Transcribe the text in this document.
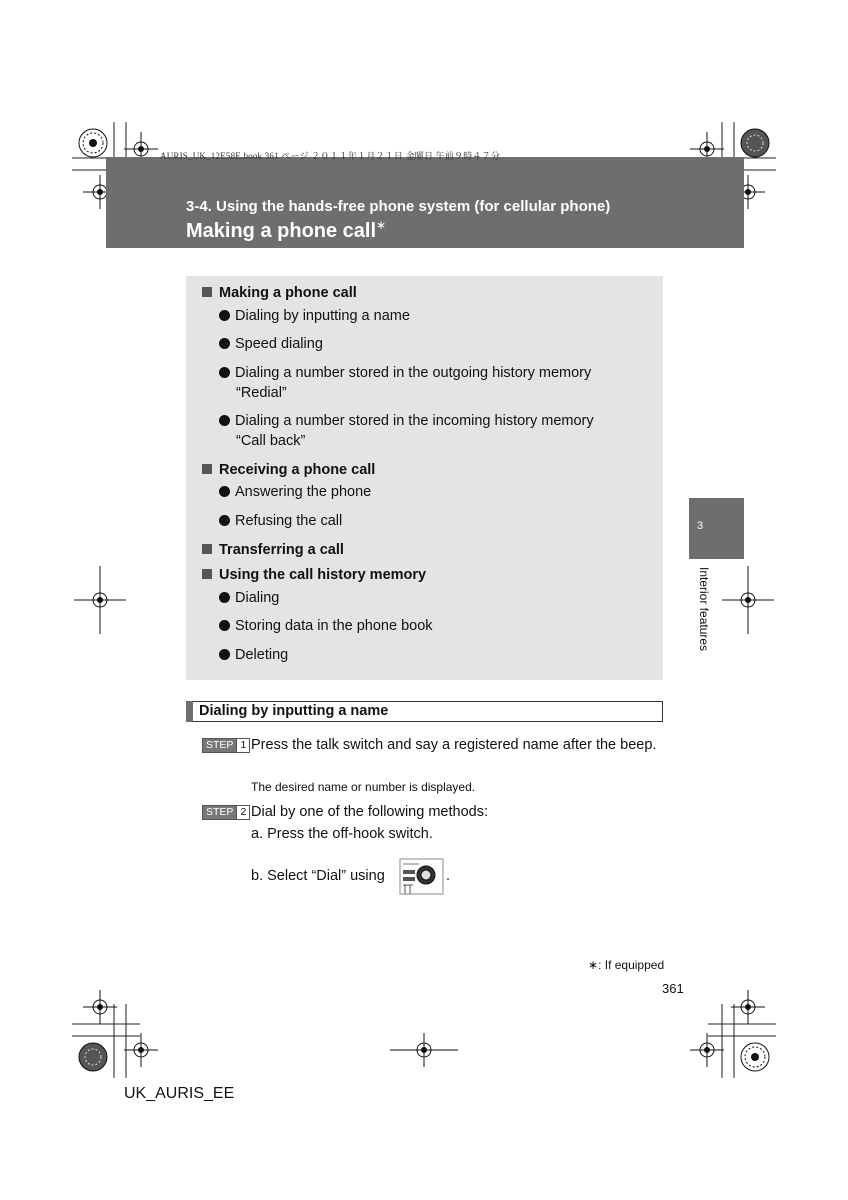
AURIS_UK_12E58E.book 361 ページ ２０１１年１月２１日 金曜日 午前９時４７分
3-4. Using the hands-free phone system (for cellular phone)
Making a phone call∗
3
Interior features
Making a phone call
Dialing by inputting a name
Speed dialing
Dialing a number stored in the outgoing history memory
“Redial”
Dialing a number stored in the incoming history memory
“Call back”
Receiving a phone call
Answering the phone
Refusing the call
Transferring a call
Using the call history memory
Dialing
Storing data in the phone book
Deleting
Dialing by inputting a name
STEP 1 Press the talk switch and say a registered name after the beep.
The desired name or number is displayed.
STEP 2 Dial by one of the following methods:
a. Press the off-hook switch.
b. Select “Dial” using	.
∗: If equipped
361
UK_AURIS_EE
